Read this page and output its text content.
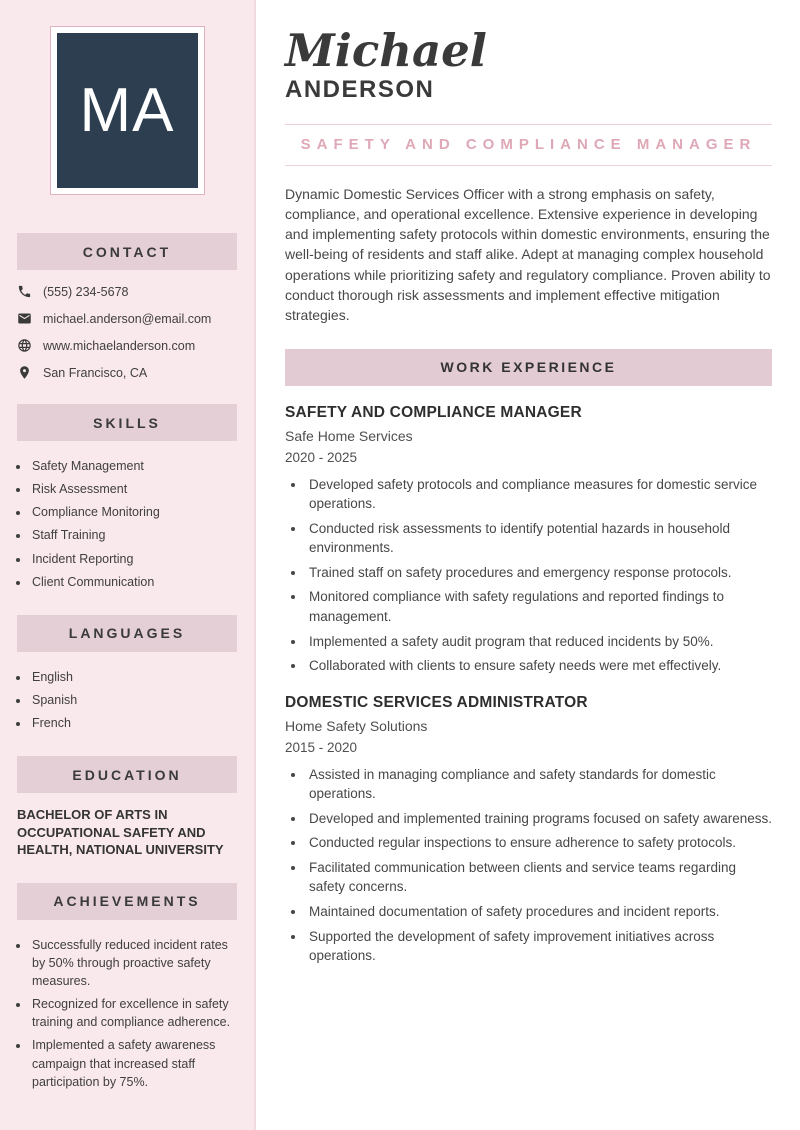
MA
CONTACT
(555) 234-5678
michael.anderson@email.com
www.michaelanderson.com
San Francisco, CA
SKILLS
• Safety Management
• Risk Assessment
• Compliance Monitoring
• Staff Training
• Incident Reporting
• Client Communication
LANGUAGES
• English
• Spanish
• French
EDUCATION
BACHELOR OF ARTS IN OCCUPATIONAL SAFETY AND HEALTH, NATIONAL UNIVERSITY
ACHIEVEMENTS
• Successfully reduced incident rates by 50% through proactive safety measures.
• Recognized for excellence in safety training and compliance adherence.
• Implemented a safety awareness campaign that increased staff participation by 75%.
Michael
ANDERSON
SAFETY AND COMPLIANCE MANAGER

Dynamic Domestic Services Officer with a strong emphasis on safety, compliance, and operational excellence. Extensive experience in developing and implementing safety protocols within domestic environments, ensuring the well-being of residents and staff alike. Adept at managing complex household operations while prioritizing safety and regulatory compliance. Proven ability to conduct thorough risk assessments and implement effective mitigation strategies.

WORK EXPERIENCE
SAFETY AND COMPLIANCE MANAGER
Safe Home Services
2020 - 2025
• Developed safety protocols and compliance measures for domestic service operations.
• Conducted risk assessments to identify potential hazards in household environments.
• Trained staff on safety procedures and emergency response protocols.
• Monitored compliance with safety regulations and reported findings to management.
• Implemented a safety audit program that reduced incidents by 50%.
• Collaborated with clients to ensure safety needs were met effectively.
DOMESTIC SERVICES ADMINISTRATOR
Home Safety Solutions
2015 - 2020
• Assisted in managing compliance and safety standards for domestic operations.
• Developed and implemented training programs focused on safety awareness.
• Conducted regular inspections to ensure adherence to safety protocols.
• Facilitated communication between clients and service teams regarding safety concerns.
• Maintained documentation of safety procedures and incident reports.
• Supported the development of safety improvement initiatives across operations.
